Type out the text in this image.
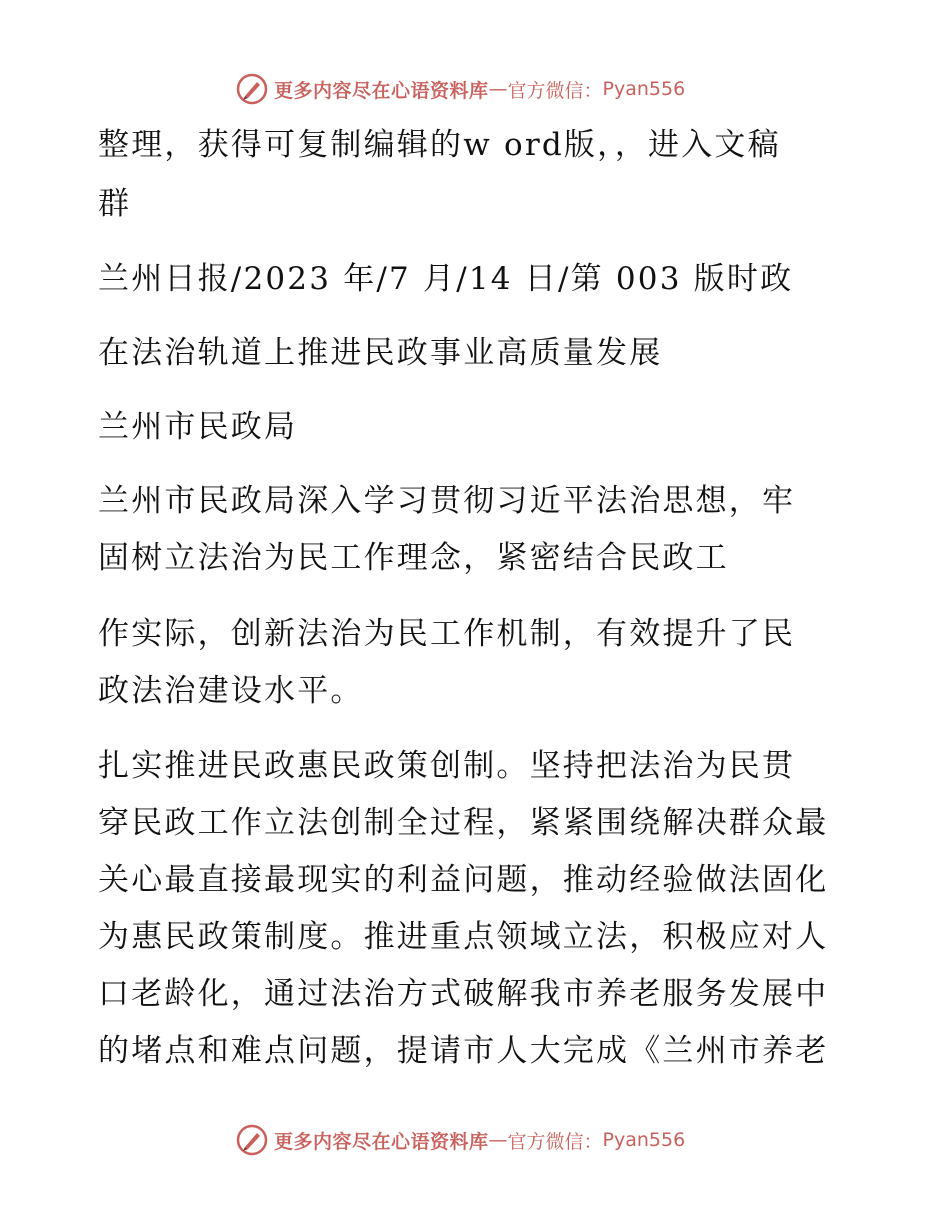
更多内容尽在心语资料库 — 官方微信： Pyan556
整理，获得可复制编辑的w ord版，，进入文稿
群
兰州日报/2023 年/7 月/14 日/第 003 版时政
在法治轨道上推进民政事业高质量发展
兰州市民政局
兰州市民政局深入学习贯彻习近平法治思想，牢
固树立法治为民工作理念，紧密结合民政工
作实际，创新法治为民工作机制，有效提升了民
政法治建设水平。
扎实推进民政惠民政策创制。坚持把法治为民贯
穿民政工作立法创制全过程，紧紧围绕解决群众最
关心最直接最现实的利益问题，推动经验做法固化
为惠民政策制度。推进重点领域立法，积极应对人
口老龄化，通过法治方式破解我市养老服务发展中
的堵点和难点问题，提请市人大完成《兰州市养老
更多内容尽在心语资料库 — 官方微信： Pyan556
